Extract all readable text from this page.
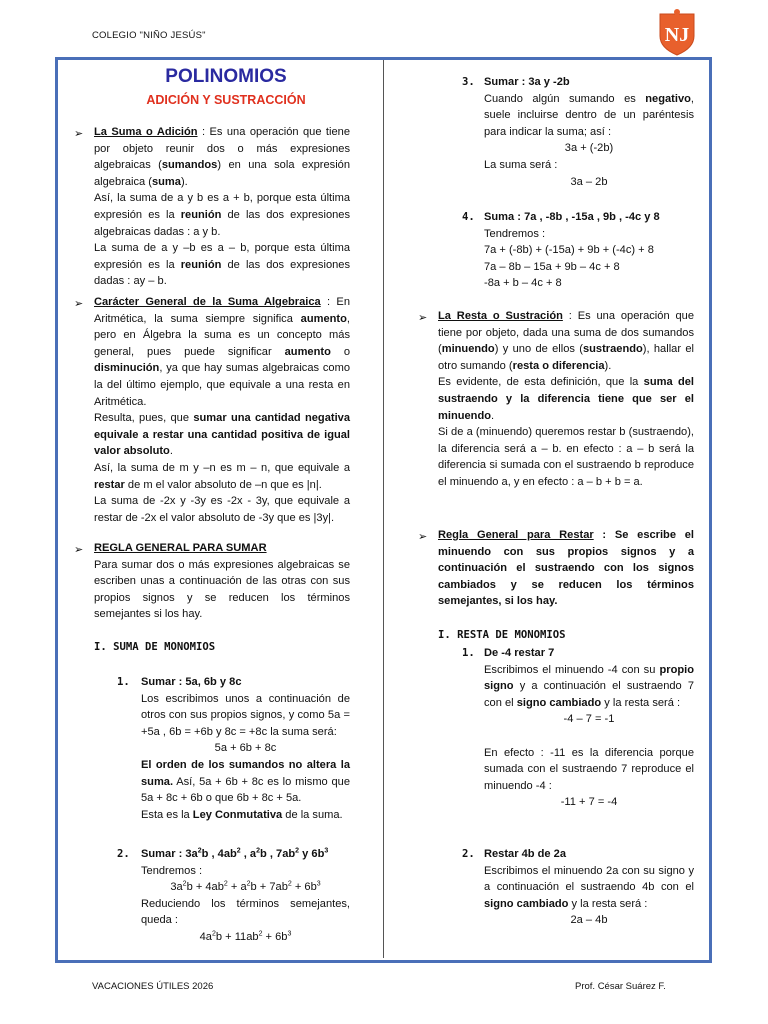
COLEGIO "NIÑO JESÚS"	NJ
POLINOMIOS
ADICIÓN Y SUSTRACCIÓN
➢ La Suma o Adición : Es una operación que tiene por objeto reunir dos o más expresiones algebraicas (sumandos) en una sola expresión algebraica (suma).

Así, la suma de a y b es a + b, porque esta última expresión es la reunión de las dos expresiones algebraicas dadas : a y b.

La suma de a y –b es a – b, porque esta última expresión es la reunión de las dos expresiones dadas : ay – b.

➢ Carácter General de la Suma Algebraica : En Aritmética, la suma siempre significa aumento, pero en Álgebra la suma es un concepto más general, pues puede significar aumento o disminución, ya que hay sumas algebraicas como la del último ejemplo, que equivale a una resta en Aritmética.

Resulta, pues, que sumar una cantidad negativa equivale a restar una cantidad positiva de igual valor absoluto.

Así, la suma de m y –n es m – n, que equivale a restar de m el valor absoluto de –n que es |n|.

La suma de -2x y -3y es -2x - 3y, que equivale a restar de -2x el valor absoluto de -3y que es |3y|.

➢ REGLA GENERAL PARA SUMAR

Para sumar dos o más expresiones algebraicas se escriben unas a continuación de las otras con sus propios signos y se reducen los términos semejantes si los hay.

I. SUMA DE MONOMIOS
1. Sumar : 5a, 6b y 8c

Los escribimos unos a continuación de otros con sus propios signos, y como 5a = +5a , 6b = +6b y 8c = +8c la suma será:

5a + 6b + 8c

El orden de los sumandos no altera la suma. Así, 5a + 6b + 8c es lo mismo que 5a + 8c + 6b o que 6b + 8c + 5a.

Esta es la Ley Conmutativa de la suma.

2. Sumar : $3a^2b$ , $4ab^2$ , $a^2b$ , $7ab^2$ y $6b^3$

Tendremos :

$3a^2b + 4ab^2 + a^2b + 7ab^2 + 6b^3$

Reduciendo los términos semejantes, queda :

$4a^2b + 11ab^2 + 6b^3$

3. Sumar : 3a y -2b

Cuando algún sumando es negativo, suele incluirse dentro de un paréntesis para indicar la suma; así :

3a + (-2b)

La suma será :

3a – 2b

4. Suma : 7a , -8b , -15a , 9b , -4c y 8

Tendremos :

7a + (-8b) + (-15a) + 9b + (-4c) + 8

7a – 8b – 15a + 9b – 4c + 8

-8a + b – 4c + 8

➢ La Resta o Sustración : Es una operación que tiene por objeto, dada una suma de dos sumandos (minuendo) y uno de ellos (sustraendo), hallar el otro sumando (resta o diferencia).

Es evidente, de esta definición, que la suma del sustraendo y la diferencia tiene que ser el minuendo.

Si de a (minuendo) queremos restar b (sustraendo), la diferencia será a – b. en efecto : a – b será la diferencia si sumada con el sustraendo b reproduce el minuendo a, y en efecto : a – b + b = a.

➢ Regla General para Restar : Se escribe el minuendo con sus propios signos y a continuación el sustraendo con los signos cambiados y se reducen los términos semejantes, si los hay.

I. RESTA DE MONOMIOS
1. De -4 restar 7

Escribimos el minuendo -4 con su propio signo y a continuación el sustraendo 7 con el signo cambiado y la resta será :

-4 – 7 = -1

En efecto : -11 es la diferencia porque sumada con el sustraendo 7 reproduce el minuendo -4 :

-11 + 7 = -4

2. Restar 4b de 2a

Escribimos el minuendo 2a con su signo y a continuación el sustraendo 4b con el signo cambiado y la resta será :

2a – 4b

VACACIONES ÚTILES 2026	Prof. César Suárez F.
